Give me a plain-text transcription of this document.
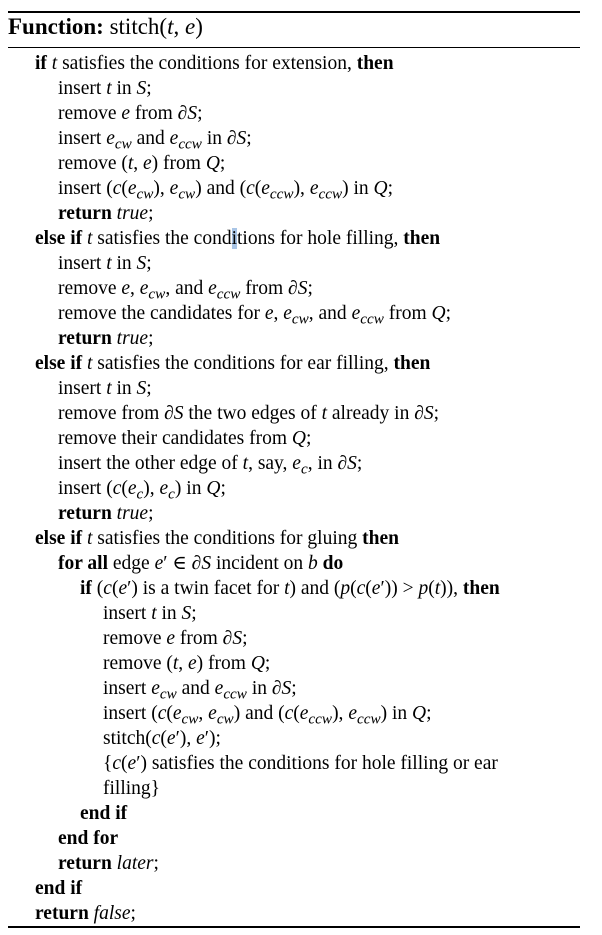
Function: stitch(t, e)
if t satisfies the conditions for extension, then
insert t in S;
remove e from ∂S;
insert $e_{cw}$ and $e_{ccw}$ in ∂S;
remove (t, e) from Q;
insert ($c(e_{cw})$, $e_{cw}$) and ($c(e_{ccw})$, $e_{ccw}$) in Q;
return true;
else if t satisfies the conditions for hole filling, then
insert t in S;
remove e, $e_{cw}$, and $e_{ccw}$ from ∂S;
remove the candidates for e, $e_{cw}$, and $e_{ccw}$ from Q;
return true;
else if t satisfies the conditions for ear filling, then
insert t in S;
remove from ∂S the two edges of t already in ∂S;
remove their candidates from Q;
insert the other edge of t, say, $e_c$, in ∂S;
insert ($c(e_c)$, $e_c$) in Q;
return true;
else if t satisfies the conditions for gluing then
for all edge e′ ∈ ∂S incident on b do
if (c(e′) is a twin facet for t) and (p(c(e′)) > p(t)), then
insert t in S;
remove e from ∂S;
remove (t, e) from Q;
insert $e_{cw}$ and $e_{ccw}$ in ∂S;
insert ($c(e_{cw}$, $e_{cw}$) and ($c(e_{ccw})$, $e_{ccw}$) in Q;
stitch(c(e′), e′);
{c(e′) satisfies the conditions for hole filling or ear
filling}
end if
end for
return later;
end if
return false;
